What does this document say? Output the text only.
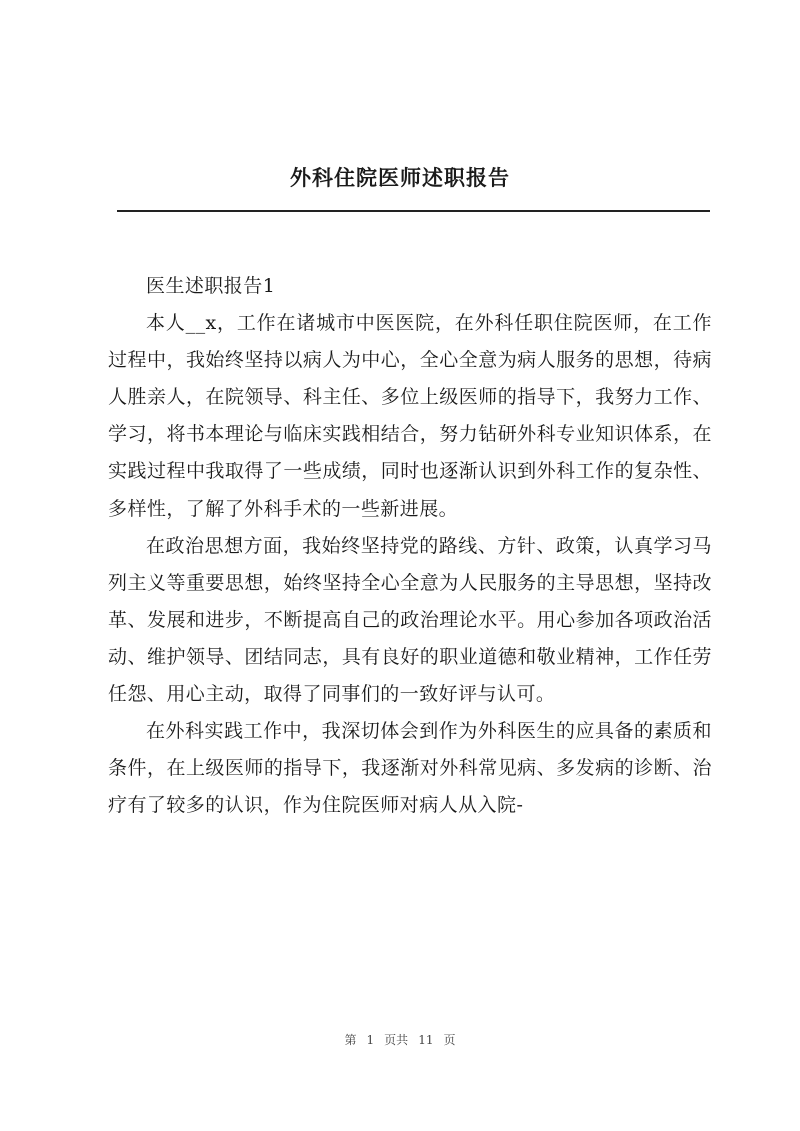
外科住院医师述职报告

医生述职报告1

本人__x，工作在诸城市中医医院，在外科任职住院医师，在工作过程中，我始终坚持以病人为中心，全心全意为病人服务的思想，待病人胜亲人，在院领导、科主任、多位上级医师的指导下，我努力工作、学习，将书本理论与临床实践相结合，努力钻研外科专业知识体系，在实践过程中我取得了一些成绩，同时也逐渐认识到外科工作的复杂性、多样性，了解了外科手术的一些新进展。

在政治思想方面，我始终坚持党的路线、方针、政策，认真学习马列主义等重要思想，始终坚持全心全意为人民服务的主导思想，坚持改革、发展和进步，不断提高自己的政治理论水平。用心参加各项政治活动、维护领导、团结同志，具有良好的职业道德和敬业精神，工作任劳任怨、用心主动，取得了同事们的一致好评与认可。

在外科实践工作中，我深切体会到作为外科医生的应具备的素质和条件，在上级医师的指导下，我逐渐对外科常见病、多发病的诊断、治疗有了较多的认识，作为住院医师对病人从入院-

第 1 页共 11 页
